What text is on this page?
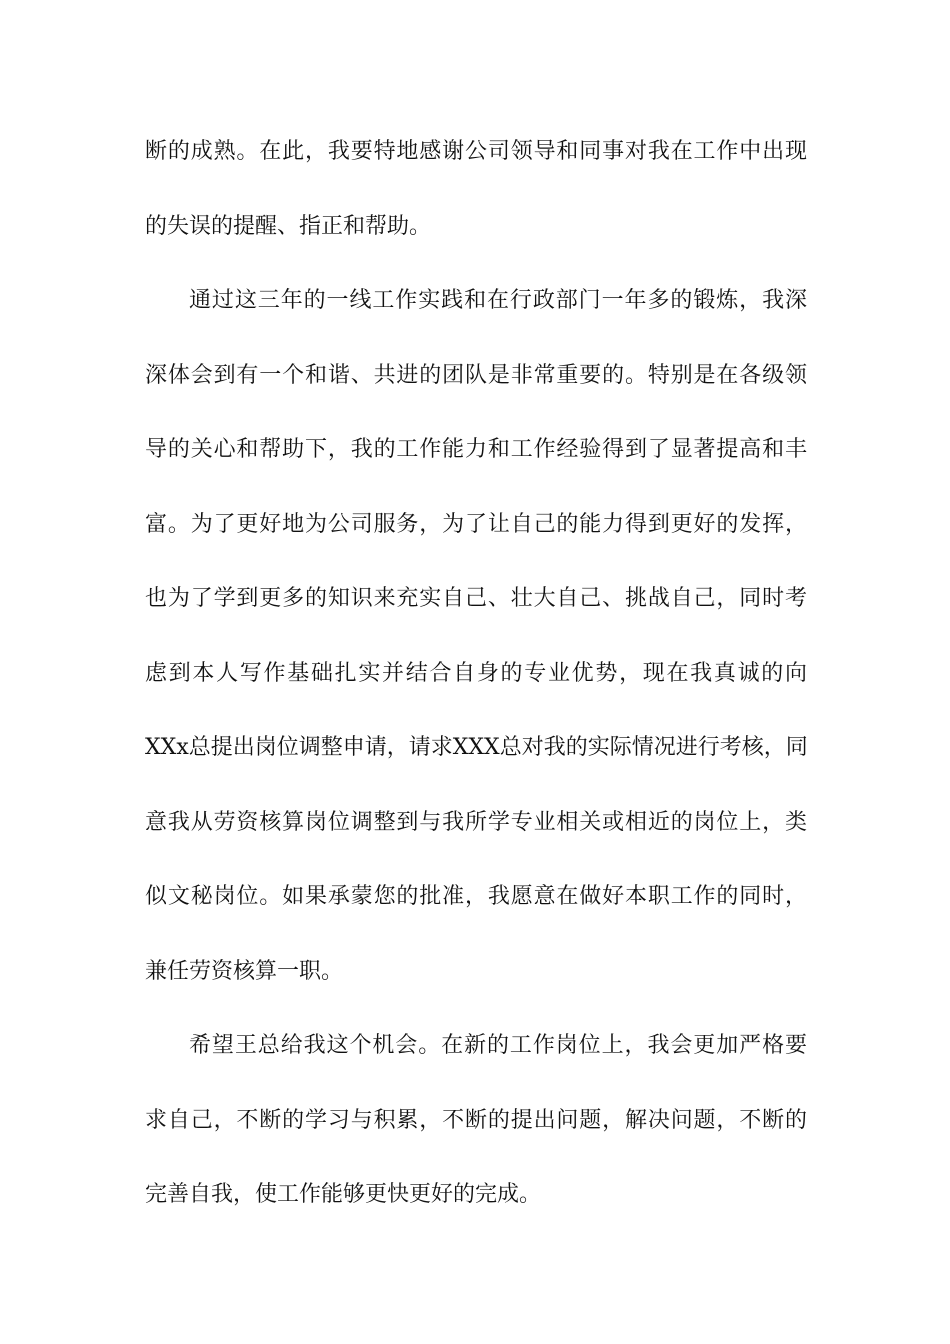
断的成熟。在此，我要特地感谢公司领导和同事对我在工作中出现
的失误的提醒、指正和帮助。
通过这三年的一线工作实践和在行政部门一年多的锻炼，我深
深体会到有一个和谐、共进的团队是非常重要的。特别是在各级领
导的关心和帮助下，我的工作能力和工作经验得到了显著提高和丰
富。为了更好地为公司服务，为了让自己的能力得到更好的发挥，
也为了学到更多的知识来充实自己、壮大自己、挑战自己，同时考
虑到本人写作基础扎实并结合自身的专业优势，现在我真诚的向
XXx总提出岗位调整申请，请求XXX总对我的实际情况进行考核，同
意我从劳资核算岗位调整到与我所学专业相关或相近的岗位上，类
似文秘岗位。如果承蒙您的批准，我愿意在做好本职工作的同时，
兼任劳资核算一职。
希望王总给我这个机会。在新的工作岗位上，我会更加严格要
求自己，不断的学习与积累，不断的提出问题，解决问题，不断的
完善自我，使工作能够更快更好的完成。
